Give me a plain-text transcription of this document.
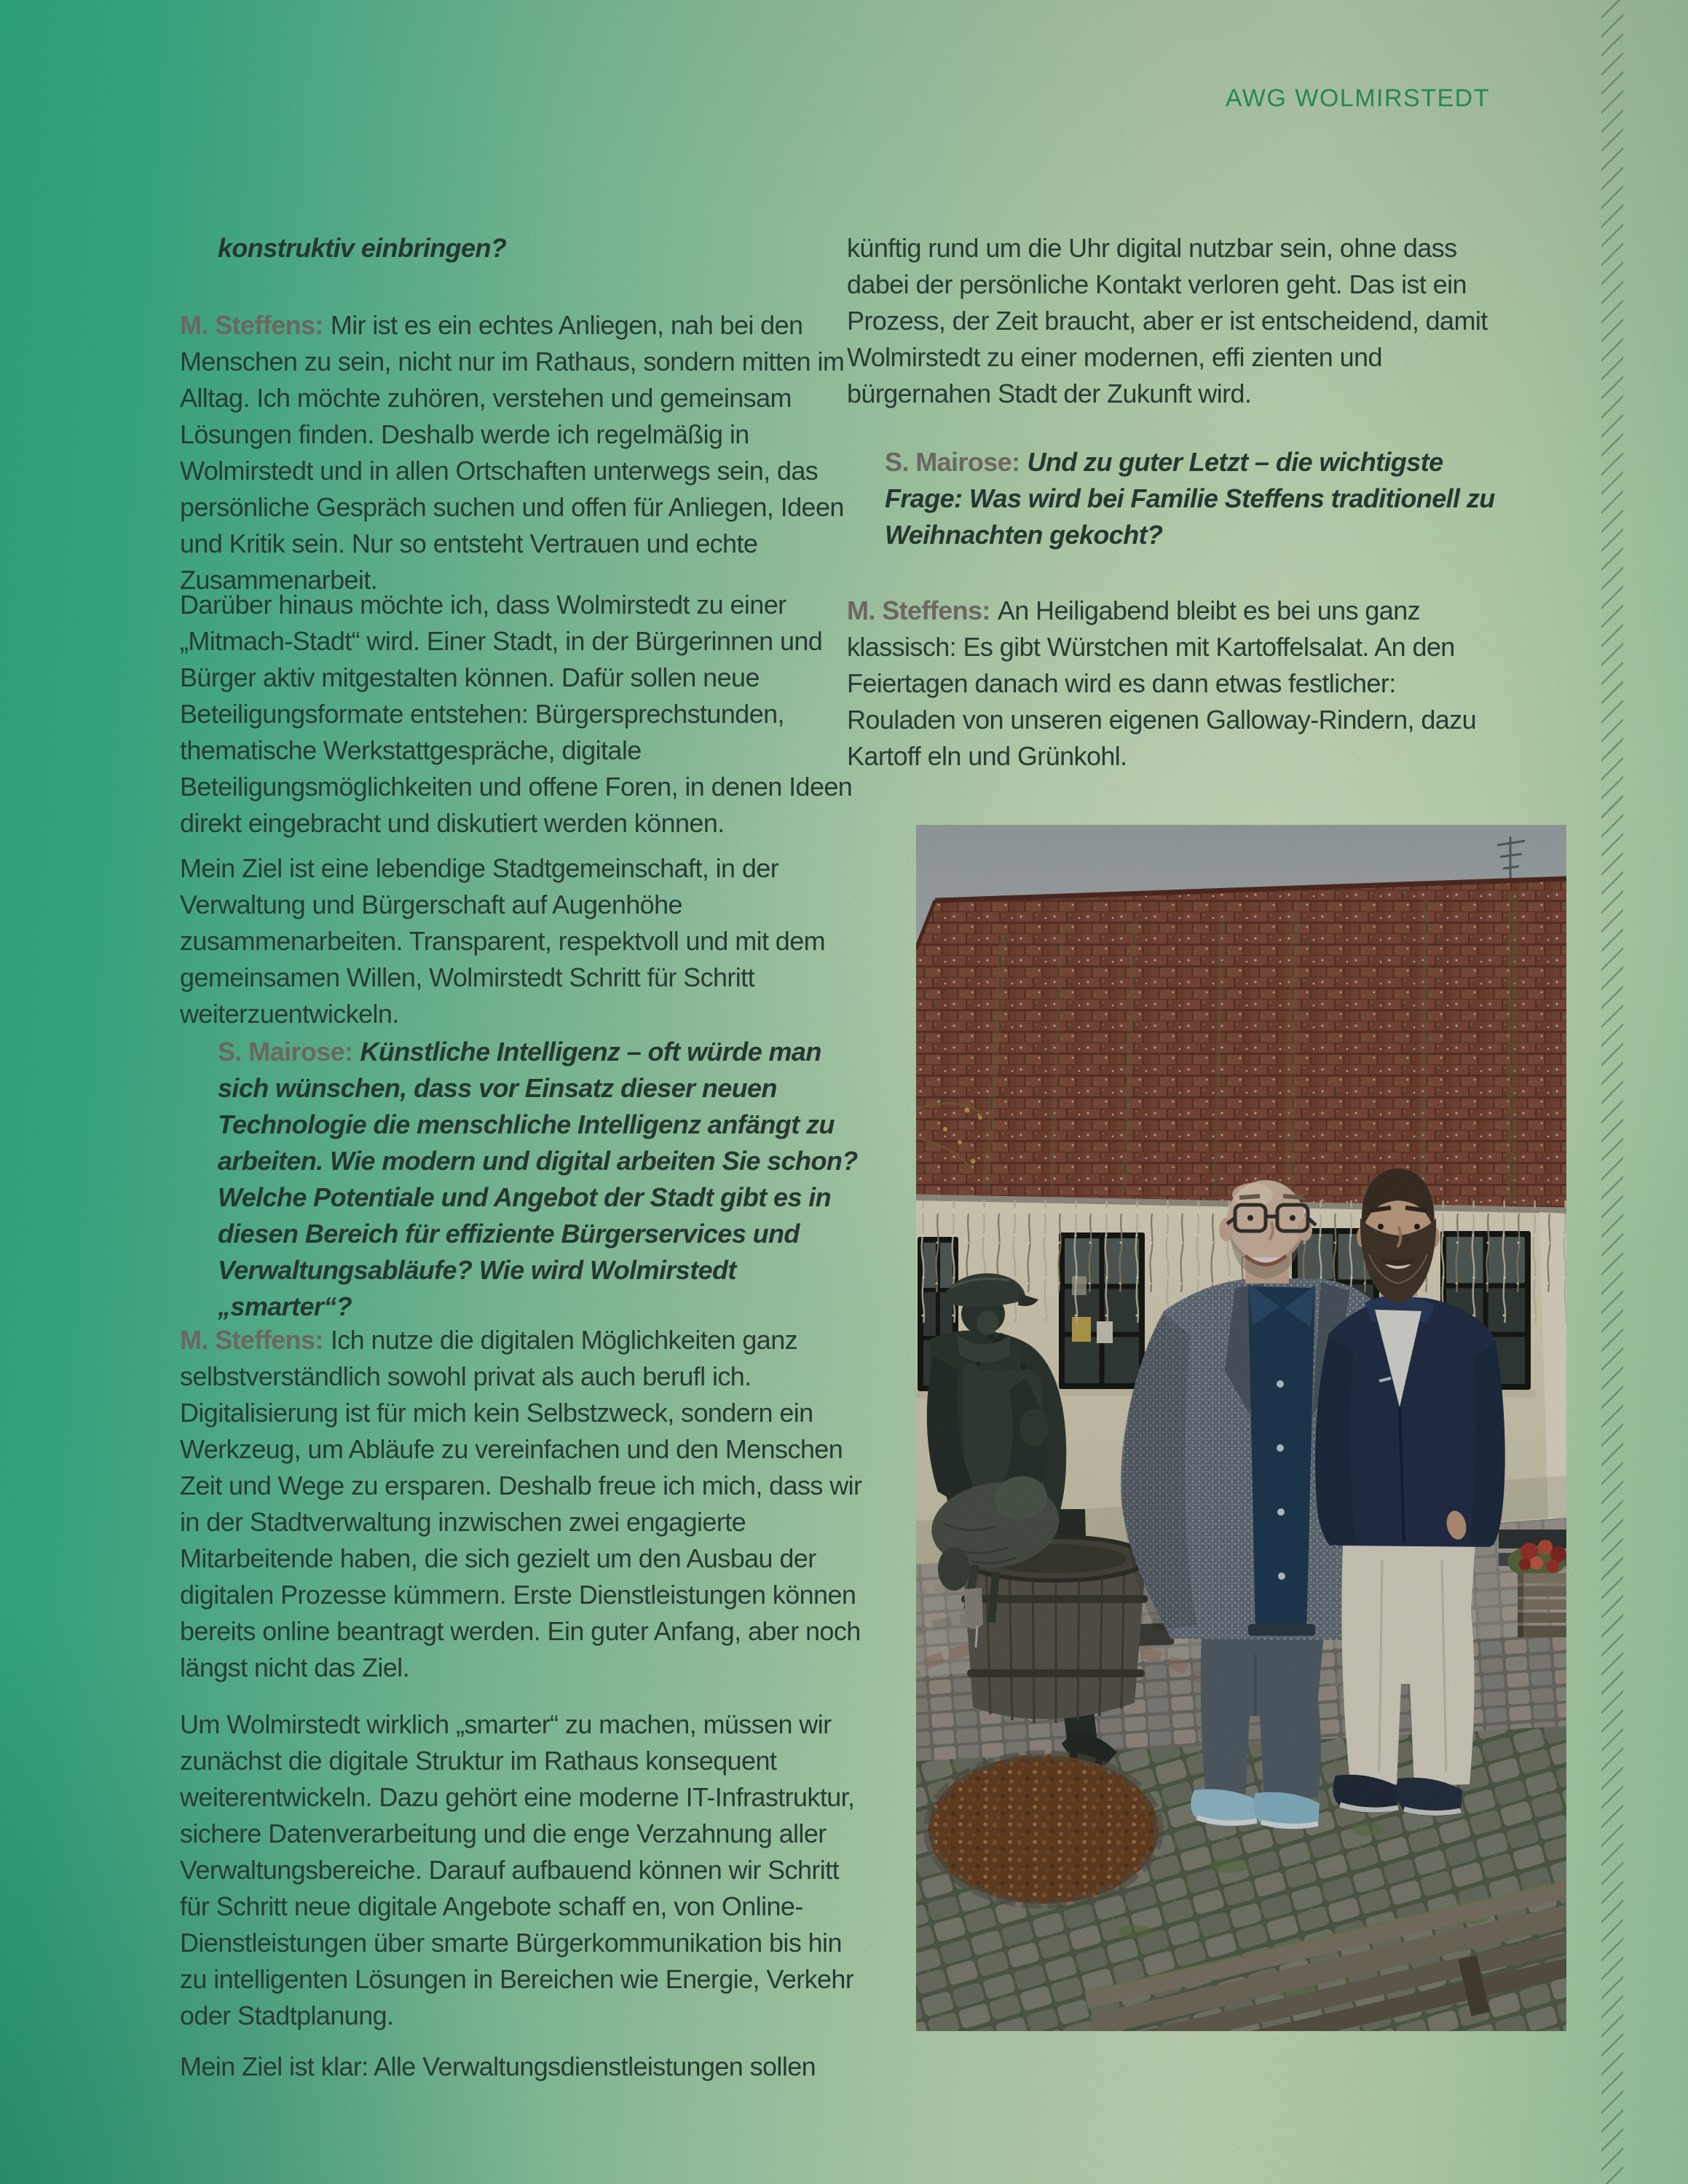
AWG WOLMIRSTEDT

konstruktiv einbringen?

M. Steffens: Mir ist es ein echtes Anliegen, nah bei den Menschen zu sein, nicht nur im Rathaus, sondern mitten im Alltag. Ich möchte zuhören, verstehen und gemeinsam Lösungen finden. Deshalb werde ich regelmäßig in Wolmirstedt und in allen Ortschaften unterwegs sein, das persönliche Gespräch suchen und offen für Anliegen, Ideen und Kritik sein. Nur so entsteht Vertrauen und echte Zusammenarbeit.

Darüber hinaus möchte ich, dass Wolmirstedt zu einer „Mitmach-Stadt“ wird. Einer Stadt, in der Bürgerinnen und Bürger aktiv mitgestalten können. Dafür sollen neue Beteiligungsformate entstehen: Bürgersprechstunden, thematische Werkstattgespräche, digitale Beteiligungsmöglichkeiten und offene Foren, in denen Ideen direkt eingebracht und diskutiert werden können.

Mein Ziel ist eine lebendige Stadtgemeinschaft, in der Verwaltung und Bürgerschaft auf Augenhöhe zusammenarbeiten. Transparent, respektvoll und mit dem gemeinsamen Willen, Wolmirstedt Schritt für Schritt weiterzuentwickeln.

S. Mairose: Künstliche Intelligenz – oft würde man sich wünschen, dass vor Einsatz dieser neuen Technologie die menschliche Intelligenz anfängt zu arbeiten. Wie modern und digital arbeiten Sie schon? Welche Potentiale und Angebot der Stadt gibt es in diesen Bereich für effiziente Bürgerservices und Verwaltungsabläufe? Wie wird Wolmirstedt „smarter“?

M. Steffens: Ich nutze die digitalen Möglichkeiten ganz selbstverständlich sowohl privat als auch berufl ich. Digitalisierung ist für mich kein Selbstzweck, sondern ein Werkzeug, um Abläufe zu vereinfachen und den Menschen Zeit und Wege zu ersparen. Deshalb freue ich mich, dass wir in der Stadtverwaltung inzwischen zwei engagierte Mitarbeitende haben, die sich gezielt um den Ausbau der digitalen Prozesse kümmern. Erste Dienstleistungen können bereits online beantragt werden. Ein guter Anfang, aber noch längst nicht das Ziel.

Um Wolmirstedt wirklich „smarter“ zu machen, müssen wir zunächst die digitale Struktur im Rathaus konsequent weiterentwickeln. Dazu gehört eine moderne IT-Infrastruktur, sichere Datenverarbeitung und die enge Verzahnung aller Verwaltungsbereiche. Darauf aufbauend können wir Schritt für Schritt neue digitale Angebote schaff en, von Online-Dienstleistungen über smarte Bürgerkommunikation bis hin zu intelligenten Lösungen in Bereichen wie Energie, Verkehr oder Stadtplanung.

Mein Ziel ist klar: Alle Verwaltungsdienstleistungen sollen

künftig rund um die Uhr digital nutzbar sein, ohne dass dabei der persönliche Kontakt verloren geht. Das ist ein Prozess, der Zeit braucht, aber er ist entscheidend, damit Wolmirstedt zu einer modernen, effi zienten und bürgernahen Stadt der Zukunft wird.

S. Mairose: Und zu guter Letzt – die wichtigste Frage: Was wird bei Familie Steffens traditionell zu Weihnachten gekocht?

M. Steffens: An Heiligabend bleibt es bei uns ganz klassisch: Es gibt Würstchen mit Kartoffelsalat. An den Feiertagen danach wird es dann etwas festlicher: Rouladen von unseren eigenen Galloway-Rindern, dazu Kartoff eln und Grünkohl.
